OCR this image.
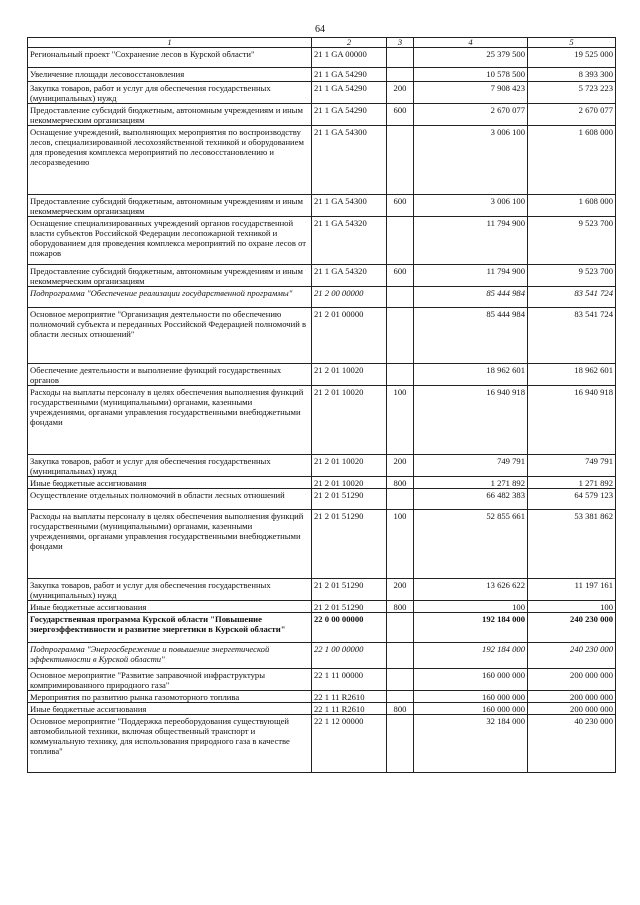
64
1	2	3	4	5
Региональный проект "Сохранение лесов в Курской области"	21 1 GA 00000		25 379 500	19 525 000
Увеличение площади лесовосстановления	21 1 GA 54290		10 578 500	8 393 300
Закупка товаров, работ и услуг для обеспечения государственных (муниципальных) нужд	21 1 GA 54290	200	7 908 423	5 723 223
Предоставление субсидий бюджетным, автономным учреждениям и иным некоммерческим организациям	21 1 GA 54290	600	2 670 077	2 670 077
Оснащение учреждений, выполняющих мероприятия по воспроизводству лесов, специализированной лесохозяйственной техникой и оборудованием для проведения комплекса мероприятий по лесовосстановлению и лесоразведению	21 1 GA 54300		3 006 100	1 608 000
Предоставление субсидий бюджетным, автономным учреждениям и иным некоммерческим организациям	21 1 GA 54300	600	3 006 100	1 608 000
Оснащение специализированных учреждений органов государственной власти субъектов Российской Федерации лесопожарной техникой и оборудованием для проведения комплекса мероприятий по охране лесов от пожаров	21 1 GA 54320		11 794 900	9 523 700
Предоставление субсидий бюджетным, автономным учреждениям и иным некоммерческим организациям	21 1 GA 54320	600	11 794 900	9 523 700
Подпрограмма "Обеспечение реализации государственной программы"	21 2 00 00000		85 444 984	83 541 724
Основное мероприятие "Организация деятельности по обеспечению полномочий субъекта и переданных Российской Федерацией полномочий в области лесных отношений"	21 2 01 00000		85 444 984	83 541 724
Обеспечение деятельности и выполнение функций государственных органов	21 2 01 10020		18 962 601	18 962 601
Расходы на выплаты персоналу в целях обеспечения выполнения функций государственными (муниципальными) органами, казенными учреждениями, органами управления государственными внебюджетными фондами	21 2 01 10020	100	16 940 918	16 940 918
Закупка товаров, работ и услуг для обеспечения государственных (муниципальных) нужд	21 2 01 10020	200	749 791	749 791
Иные бюджетные ассигнования	21 2 01 10020	800	1 271 892	1 271 892
Осуществление отдельных полномочий в области лесных отношений	21 2 01 51290		66 482 383	64 579 123
Расходы на выплаты персоналу в целях обеспечения выполнения функций государственными (муниципальными) органами, казенными учреждениями, органами управления государственными внебюджетными фондами	21 2 01 51290	100	52 855 661	53 381 862
Закупка товаров, работ и услуг для обеспечения государственных (муниципальных) нужд	21 2 01 51290	200	13 626 622	11 197 161
Иные бюджетные ассигнования	21 2 01 51290	800	100	100
Государственная программа Курской области "Повышение энергоэффективности и развитие энергетики в Курской области"	22 0 00 00000		192 184 000	240 230 000
Подпрограмма "Энергосбережение и повышение энергетической эффективности в Курской области"	22 1 00 00000		192 184 000	240 230 000
Основное мероприятие "Развитие заправочной инфраструктуры компримированного природного газа"	22 1 11 00000		160 000 000	200 000 000
Мероприятия по развитию рынка газомоторного топлива	22 1 11 R2610		160 000 000	200 000 000
Иные бюджетные ассигнования	22 1 11 R2610	800	160 000 000	200 000 000
Основное мероприятие "Поддержка переоборудования существующей автомобильной техники, включая общественный транспорт и коммунальную технику, для использования природного газа в качестве топлива"	22 1 12 00000		32 184 000	40 230 000
